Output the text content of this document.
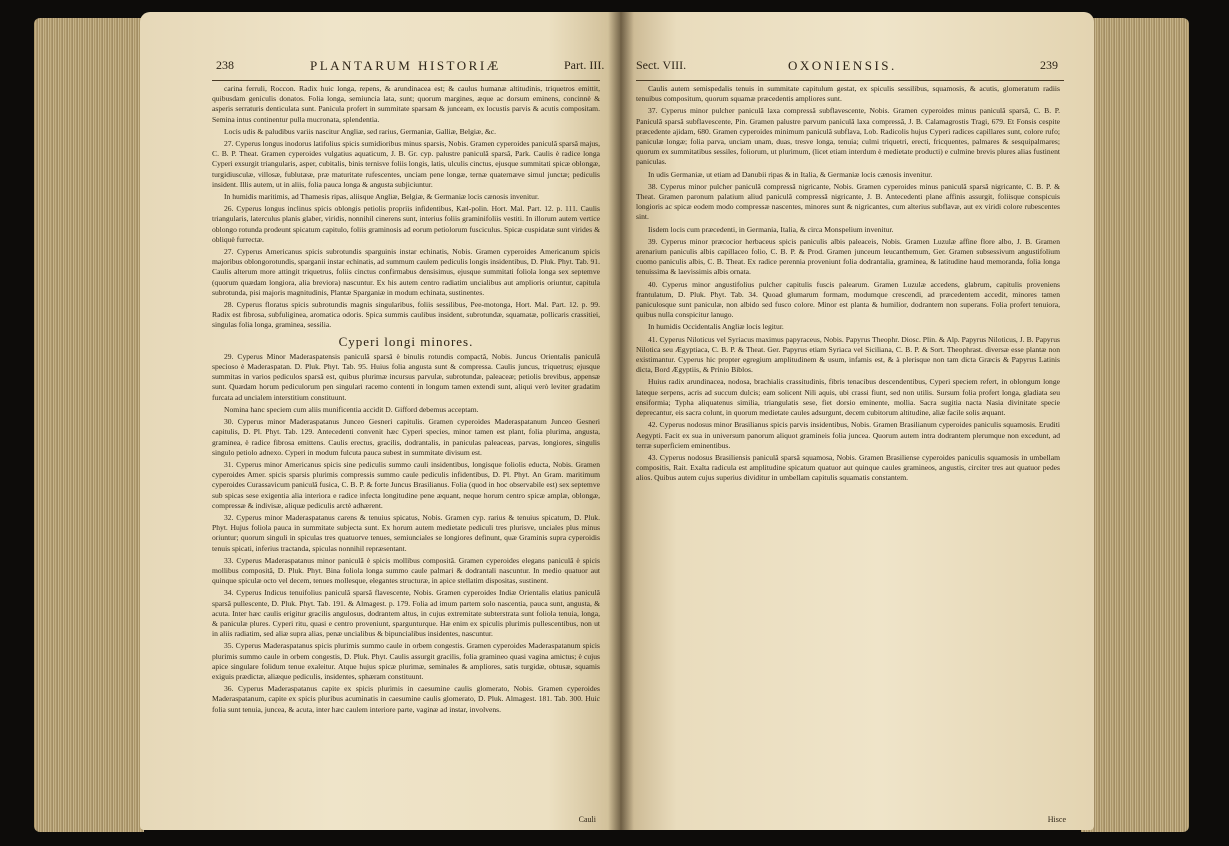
238	PLANTARUM HISTORIÆ	Part. III.

carina ferruli, Roccon. Radix huic longa, repens, & arundinacea est; & caulus humanæ altitudinis, triquetros emittit, quibusdam geniculis donatos. Folia longa, semiuncia lata, sunt; quorum margines, æque ac dorsum eminens, concinnè & asperis serraturis denticulata sunt. Panicula profert in summitate sparsam & junceam, ex locustis parvis & acutis compositam. Semina intus continentur pulla mucronata, splendentia.

Locis udis & paludibus variis nascitur Angliæ, sed rarius, Germaniæ, Galliæ, Belgiæ, &c.

27. Cyperus longus inodorus latifolius spicis sumidioribus minus sparsis, Nobis. Gramen cyperoides paniculâ sparsâ majus, C. B. P. Theat. Gramen cyperoides vulgatius aquaticum, J. B. Gr. cyp. palustre paniculâ sparsâ, Park. Caulis è radice longa Cyperi exsurgit triangularis, asper, cubitalis, binis ternisve foliis longis, latis, ulculis cinctus, ejusque summitati spicæ oblongæ, turgidiusculæ, villosæ, fublutææ, præ maturitate rufescentes, unciam pene longæ, ternæ quaternæve simul junctæ; pediculis insident. Illis autem, ut in aliis, folia pauca longa & angusta subjiciuntur.

In humidis maritimis, ad Thamesis ripas, aliisque Angliæ, Belgiæ, & Germaniæ locis cænosis invenitur.

26. Cyperus longus inclinus spicis oblongis petiolis propriis infidentibus, Kæl-polin. Hort. Mal. Part. 12. p. 111. Caulis triangularis, laterculus planis glaber, viridis, nonnihil cinerens sunt, interius foliis graminifoliis vestiti. In illorum autem vertice oblongo rotunda prodeunt spicatum capitulo, foliis graminosis ad eorum petiolorum fusciculus. Spicæ cuspidatæ sunt virides & obliquè furrectæ.

27. Cyperus Americanus spicis subrotundis sparguinis instar echinatis, Nobis. Gramen cyperoides Americanum spicis majoribus oblongorotundis, sparganii instar echinatis, ad summum caulem pediculis longis insidentibus, D. Pluk. Phyt. Tab. 91. Caulis alterum more attingit triquetrus, foliis cinctus confirmabus densisimus, ejusque summitati foliola longa sex septemve (quorum quædam longiora, alia breviora) nascuntur. Ex his autem centro radiatim uncialibus aut amplioris oriuntur, capitula subrotunda, pisi majoris magnitudinis, Plantæ Sparganiæ in modum echinata, sustinentes.

28. Cyperus floratus spicis subrotundis magnis singularibus, foliis sessilibus, Pee-motonga, Hort. Mal. Part. 12. p. 99. Radix est fibrosa, subfuliginea, aromatica odoris. Spica summis caulibus insident, subrotundæ, squamatæ, pollicaris crassitiei, singulas folia longa, graminea, sessilia.

Cyperi longi minores.

29. Cyperus Minor Maderaspatensis paniculâ sparsâ è binulis rotundis compactâ, Nobis. Juncus Orientalis paniculâ specioso è Maderaspatan. D. Pluk. Phyt. Tab. 95. Huius folia angusta sunt & compressa. Caulis juncus, triquetrus; ejusque summitas in varios pediculos sparsâ est, quibus plurimæ incursus parvulæ, subrotundæ, paleaceæ; petiolis brevibus, appensæ sunt. Quædam horum pediculorum pen singulari racemo contenti in longum tamen extendi sunt, aliqui verò leviter gradatim furcata ad uncialem interstitium constituunt.

Nomina hanc speciem cum aliis munificentia accidit D. Gifford debemus acceptam.

30. Cyperus minor Maderaspatanus Junceo Gesneri capitulis. Gramen cyperoides Maderaspatanum Junceo Gesneri capitulis, D. Pl. Phyt. Tab. 129. Antecedenti convenit hæc Cyperi species, minor tamen est plant, folia plurima, angusta, graminea, è radice fibrosa emittens. Caulis erectus, gracilis, dodrantalis, in paniculas paleaceas, parvas, longiores, singulis singulo petiolo adnexo. Cyperi in modum fulcuta pauca subest in summitate divisum est.

31. Cyperus minor Americanus spicis sine pediculis summo cauli insidentibus, longisque foliolis educta, Nobis. Gramen cyperoides Amer. spicis sparsis plurimis compressis summo caule pediculis infidentibus, D. Pl. Phyt. An Gram. maritimum cyperoides Curassavicum paniculâ fusica, C. B. P. & forte Juncus Brasilianus. Folia (quod in hoc observabile est) sex septemve sub spicas sese exigentia alia interiora e radice infecta longitudine pene æquant, neque horum centro spicæ amplæ, oblongæ, compressæ & indivisæ, aliquæ pediculis arctè adhærent.

32. Cyperus minor Maderaspatanus carens & tenuius spicatus, Nobis. Gramen cyp. rarius & tenuius spicatum, D. Pluk. Phyt. Hujus foliola pauca in summitate subjecta sunt. Ex horum autem medietate pediculi tres plurisve, unciales plus minus oriuntur; quorum singuli in spiculas tres quatuorve tenues, semiunciales se longiores definunt, quæ Graminis supra cyperoidis tenuis spicati, inferius tractanda, spiculas nonnihil repræsentant.

33. Cyperus Maderaspatanus minor paniculâ è spicis mollibus compositâ. Gramen cyperoides elegans paniculâ è spicis mollibus compositâ, D. Pluk. Phyt. Bina foliola longa summo caule palmari & dodrantali nascuntur. In medio quatuor aut quinque spiculæ octo vel decem, tenues mollesque, elegantes structuræ, in apice stellatim dispositas, sustinent.

34. Cyperus Indicus tenuifolius paniculâ sparsâ flavescente, Nobis. Gramen cyperoides Indiæ Orientalis elatius paniculâ sparsâ pullescente, D. Pluk. Phyt. Tab. 191. & Almagest. p. 179. Folia ad imum partem solo nascentia, pauca sunt, angusta, & acuta. Inter hæc caulis erigitur gracilis angulosus, dodrantem altus, in cujus extremitate subterstrata sunt foliola tenuia, longa, & paniculæ plures. Cyperi ritu, quasi e centro proveniunt, spargunturque. Hæ enim ex spiculis plurimis pullescentibus, non ut in aliis radiatim, sed aliæ supra alias, penæ uncialibus & bipuncialibus insidentes, nascuntur.

35. Cyperus Maderaspatanus spicis plurimis summo caule in orbem congestis. Gramen cyperoides Maderaspatanum spicis plurimis summo caule in orbem congestis, D. Pluk. Phyt. Caulis assurgit gracilis, folia gramineo quasi vagina amictus; è cujus apice singulare folidum tenue exaleitur. Atque hujus spicæ plurimæ, seminales & ampliores, satis turgidæ, obtusæ, squamis exiguis prædictæ, aliæque pediculis, insidentes, sphæram constituunt.

36. Cyperus Maderaspatanus capite ex spicis plurimis in caesumine caulis glomerato, Nobis. Gramen cyperoides Maderaspatanum, capite ex spicis pluribus acuminatis in caesumine caulis glomerato, D. Pluk. Almagest. 181. Tab. 300. Huic folia sunt tenuia, juncea, & acuta, inter hæc caulem interiore parte, vaginæ ad instar, involvens.

Cauli
Sect. VIII.	OXONIENSIS.	239

Caulis autem semispedalis tenuis in summitate capitulum gestat, ex spiculis sessilibus, squamosis, & acutis, glomeratum radiis tenuibus compositum, quorum squamæ præcedentis ampliores sunt.

37. Cyperus minor pulcher paniculâ laxa compressâ subflavescente, Nobis. Gramen cyperoides minus paniculâ sparsâ, C. B. P. Paniculâ sparsâ subflavescente, Pin. Gramen palustre parvum paniculâ laxa compressâ, J. B. Calamagrostis Tragi, 679. Et Fonsis cespite præcedente ajidam, 680. Gramen cyperoides minimum paniculâ subflava, Lob. Radicolis hujus Cyperi radices capillares sunt, colore rufo; paniculæ longæ; folia parva, unciam unam, duas, tresve longa, tenuia; culmi triquetri, erecti, fricquentes, palmares & sesquipalmares; quorum ex summitatibus sessiles, foliorum, ut plurimum, (licet etiam interdum è medietate producti) e culmine brevis plures alias fustinent paniculas.

In udis Germaniæ, ut etiam ad Danubii ripas & in Italia, & Germaniæ locis cænosis invenitur.

38. Cyperus minor pulcher paniculâ compressâ nigricante, Nobis. Gramen cyperoides minus paniculâ sparsâ nigricante, C. B. P. & Theat. Gramen paronum palatium aliud paniculâ compressâ nigricante, J. B. Antecedenti plane affinis assurgit, foliisque conspicuis longioris ac spicæ eodem modo compressæ nascentes, minores sunt & nigricantes, cum alterius subflavæ, aut ex viridi colore rubescentes sint.

Iisdem locis cum præcedenti, in Germania, Italia, & circa Monspelium invenitur.

39. Cyperus minor præcocior herbaceus spicis paniculis albis paleaceis, Nobis. Gramen Luzulæ affine flore albo, J. B. Gramen arenarium paniculis albis capillaceo folio, C. B. P. & Prod. Gramen junceum leucanthemum, Ger. Gramen subsessivum angustifolium cuomo paniculis albis, C. B. Theat. Ex radice perennia proveniunt folia dodrantalia, graminea, & latitudine haud memoranda, folia longa tenuissima & laevissimis albis ornata.

40. Cyperus minor angustifolius pulcher capitulis fuscis palearum. Gramen Luzulæ accedens, glabrum, capitulis proveniens frantulatum, D. Pluk. Phyt. Tab. 34. Quoad glumarum formam, modumque crescendi, ad præcedentem accedit, minores tamen paniculosque sunt paniculæ, non albido sed fusco colore. Minor est planta & humilior, dodrantem non superans. Folia profert tenuiora, quibus nulla conspicitur lanugo.

In humidis Occidentalis Angliæ locis legitur.

41. Cyperus Niloticus vel Syriacus maximus papyraceus, Nobis. Papyrus Theophr. Diosc. Plin. & Alp. Papyrus Niloticus, J. B. Papyrus Nilotica seu Ægyptiaca, C. B. P. & Theat. Ger. Papyrus etiam Syriaca vel Siciliana, C. B. P. & Sort. Theophrast. diversæ esse plantæ non existimantur. Cyperus hic propter egregium amplitudinem & usum, infamis est, & à plerisque non tam dicta Græcis & Papyrus Latinis dicta, Bord Ægyptiis, & Prinio Biblos.

Huius radix arundinacea, nodosa, brachialis crassitudinis, fibris tenacibus descendentibus, Cyperi speciem refert, in oblongum longe lateque serpens, acris ad succum dulcis; eam solicent Nili aquis, ubi crassi fiunt, sed non utilis. Sursum folia profert longa, gladiata seu ensiformia; Typha aliquatenus similia, triangulatis sese, fiet dorsio eminente, mollia. Sacra sugitia nacta Nasia divinitate specie deprecantur, eis sacra colunt, in quorum medietate caules adsurgunt, decem cubitorum altitudine, aliæ facile solis æquant.

42. Cyperus nodosus minor Brasilianus spicis parvis insidentibus, Nobis. Gramen Brasilianum cyperoides paniculis squamosis. Eruditi Aegypti. Facit ex sua in universum panorum aliquot gramineis folia juncea. Quorum autem intra dodrantem plerumque non excedunt, ad terræ superficiem eminentibus.

43. Cyperus nodosus Brasiliensis paniculâ sparsâ squamosa, Nobis. Gramen Brasiliense cyperoides paniculis squamosis in umbellam compositis, Rait. Exalta radicula est amplitudine spicatum quatuor aut quinque caules gramineos, angustis, circiter tres aut quatuor pedes alios. Quibus autem cujus superius dividitur in umbellam capitulis squamatis constantem.

Hisce
